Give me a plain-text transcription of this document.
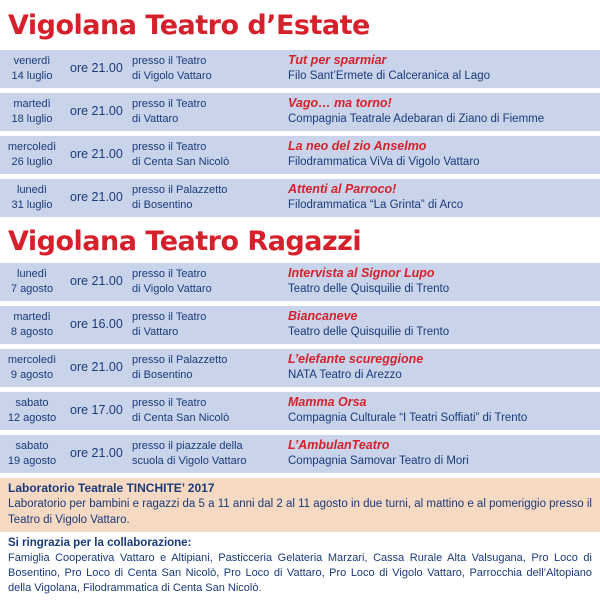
Vigolana Teatro d’Estate
venerdì
14 luglio
ore 21.00 presso il Teatro
di Vigolo Vattaro
Tut per sparmiar
Filo Sant’Ermete di Calceranica al Lago
martedì
18 luglio
ore 21.00 presso il Teatro
di Vattaro
Vago… ma torno!
Compagnia Teatrale Adebaran di Ziano di Fiemme
mercoledì
26 luglio
ore 21.00 presso il Teatro
di Centa San Nicolò
La neo del zio Anselmo
Filodrammatica ViVa di Vigolo Vattaro
lunedì
31 luglio
ore 21.00 presso il Palazzetto
di Bosentino
Attenti al Parroco!
Filodrammatica “La Grinta” di Arco
Vigolana Teatro Ragazzi
lunedì
7 agosto
ore 21.00 presso il Teatro
di Vigolo Vattaro
Intervista al Signor Lupo
Teatro delle Quisquilie di Trento
martedì
8 agosto
ore 16.00 presso il Teatro
di Vattaro
Biancaneve
Teatro delle Quisquilie di Trento
mercoledì
9 agosto
ore 21.00 presso il Palazzetto
di Bosentino
L’elefante scureggione
NATA Teatro di Arezzo
sabato
12 agosto
ore 17.00 presso il Teatro
di Centa San Nicolò
Mamma Orsa
Compagnia Culturale “I Teatri Soffiati” di Trento
sabato
19 agosto
ore 21.00 presso il piazzale della
scuola di Vigolo Vattaro
L’AmbulanTeatro
Compagnia Samovar Teatro di Mori
Laboratorio Teatrale TINCHITE’ 2017
Laboratorio per bambini e ragazzi da 5 a 11 anni dal 2 al 11 agosto in due turni, al mattino e al pomeriggio presso il Teatro di Vigolo Vattaro.
Si ringrazia per la collaborazione:
Famiglia Cooperativa Vattaro e Altipiani, Pasticceria Gelateria Marzari, Cassa Rurale Alta Valsugana, Pro Loco di Bosentino, Pro Loco di Centa San Nicolò, Pro Loco di Vattaro, Pro Loco di Vigolo Vattaro, Parrocchia dell’Altopiano della Vigolana, Filodrammatica di Centa San Nicolò.
